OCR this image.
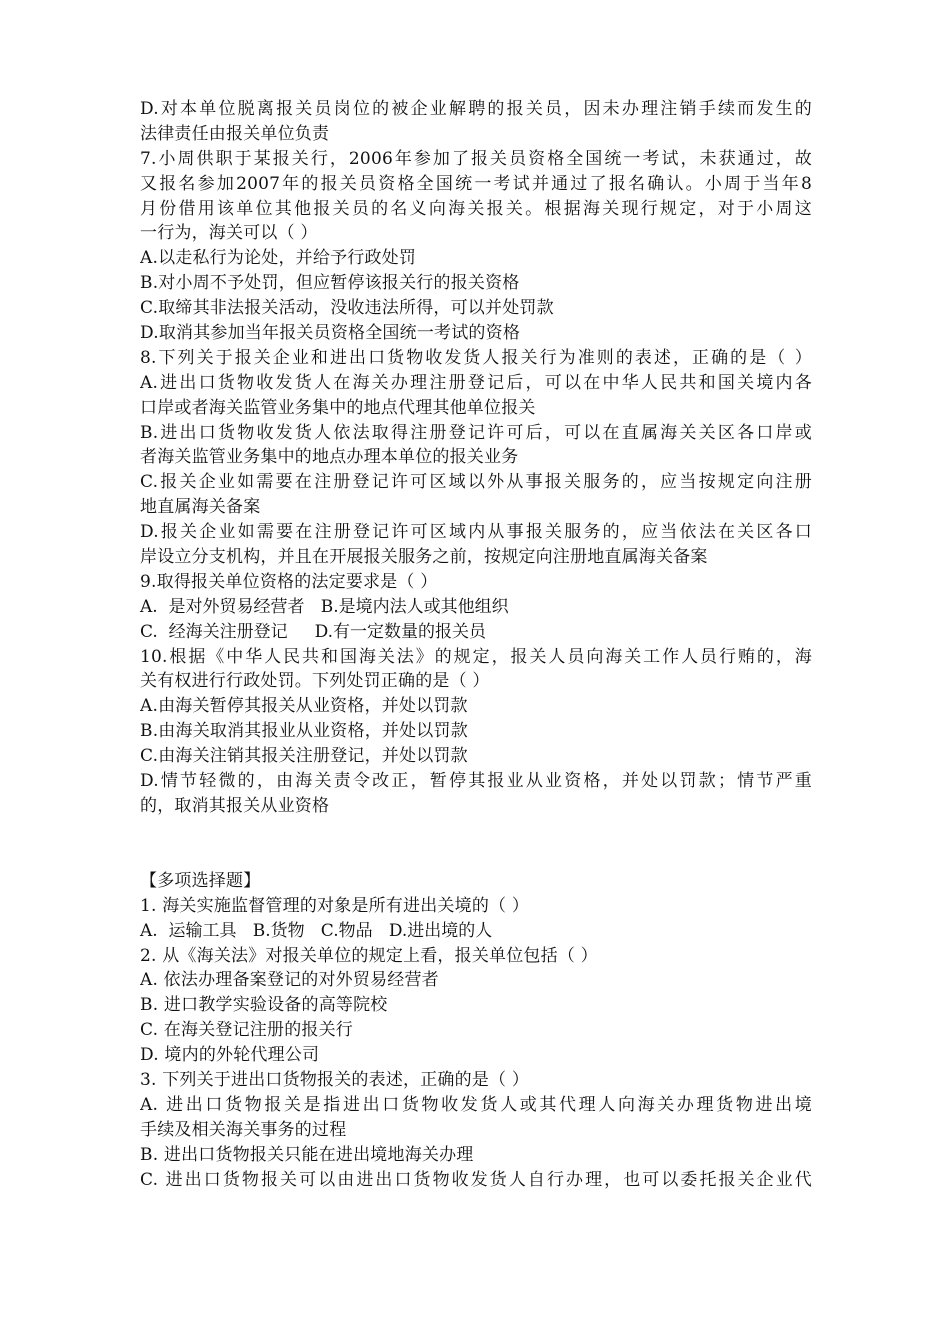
D.对本单位脱离报关员岗位的被企业解聘的报关员，因未办理注销手续而发生的
法律责任由报关单位负责
7.小周供职于某报关行，2006年参加了报关员资格全国统一考试，未获通过，故
又报名参加2007年的报关员资格全国统一考试并通过了报名确认。小周于当年8
月份借用该单位其他报关员的名义向海关报关。根据海关现行规定，对于小周这
一行为，海关可以（ ）
A.以走私行为论处，并给予行政处罚
B.对小周不予处罚，但应暂停该报关行的报关资格
C.取缔其非法报关活动，没收违法所得，可以并处罚款
D.取消其参加当年报关员资格全国统一考试的资格
8.下列关于报关企业和进出口货物收发货人报关行为准则的表述，正确的是（ ）
A.进出口货物收发货人在海关办理注册登记后，可以在中华人民共和国关境内各
口岸或者海关监管业务集中的地点代理其他单位报关
B.进出口货物收发货人依法取得注册登记许可后，可以在直属海关关区各口岸或
者海关监管业务集中的地点办理本单位的报关业务
C.报关企业如需要在注册登记许可区域以外从事报关服务的，应当按规定向注册
地直属海关备案
D.报关企业如需要在注册登记许可区域内从事报关服务的，应当依法在关区各口
岸设立分支机构，并且在开展报关服务之前，按规定向注册地直属海关备案
9.取得报关单位资格的法定要求是（ ）
A.  是对外贸易经营者   B.是境内法人或其他组织
C.  经海关注册登记     D.有一定数量的报关员
10.根据《中华人民共和国海关法》的规定，报关人员向海关工作人员行贿的，海
关有权进行行政处罚。下列处罚正确的是（ ）
A.由海关暂停其报关从业资格，并处以罚款
B.由海关取消其报业从业资格，并处以罚款
C.由海关注销其报关注册登记，并处以罚款
D.情节轻微的，由海关责令改正，暂停其报业从业资格，并处以罚款；情节严重
的，取消其报关从业资格
【多项选择题】
1. 海关实施监督管理的对象是所有进出关境的（ ）
A.  运输工具   B.货物   C.物品   D.进出境的人
2. 从《海关法》对报关单位的规定上看，报关单位包括（ ）
A. 依法办理备案登记的对外贸易经营者
B. 进口教学实验设备的高等院校
C. 在海关登记注册的报关行
D. 境内的外轮代理公司
3. 下列关于进出口货物报关的表述，正确的是（ ）
A. 进出口货物报关是指进出口货物收发货人或其代理人向海关办理货物进出境
手续及相关海关事务的过程
B. 进出口货物报关只能在进出境地海关办理
C. 进出口货物报关可以由进出口货物收发货人自行办理，也可以委托报关企业代
